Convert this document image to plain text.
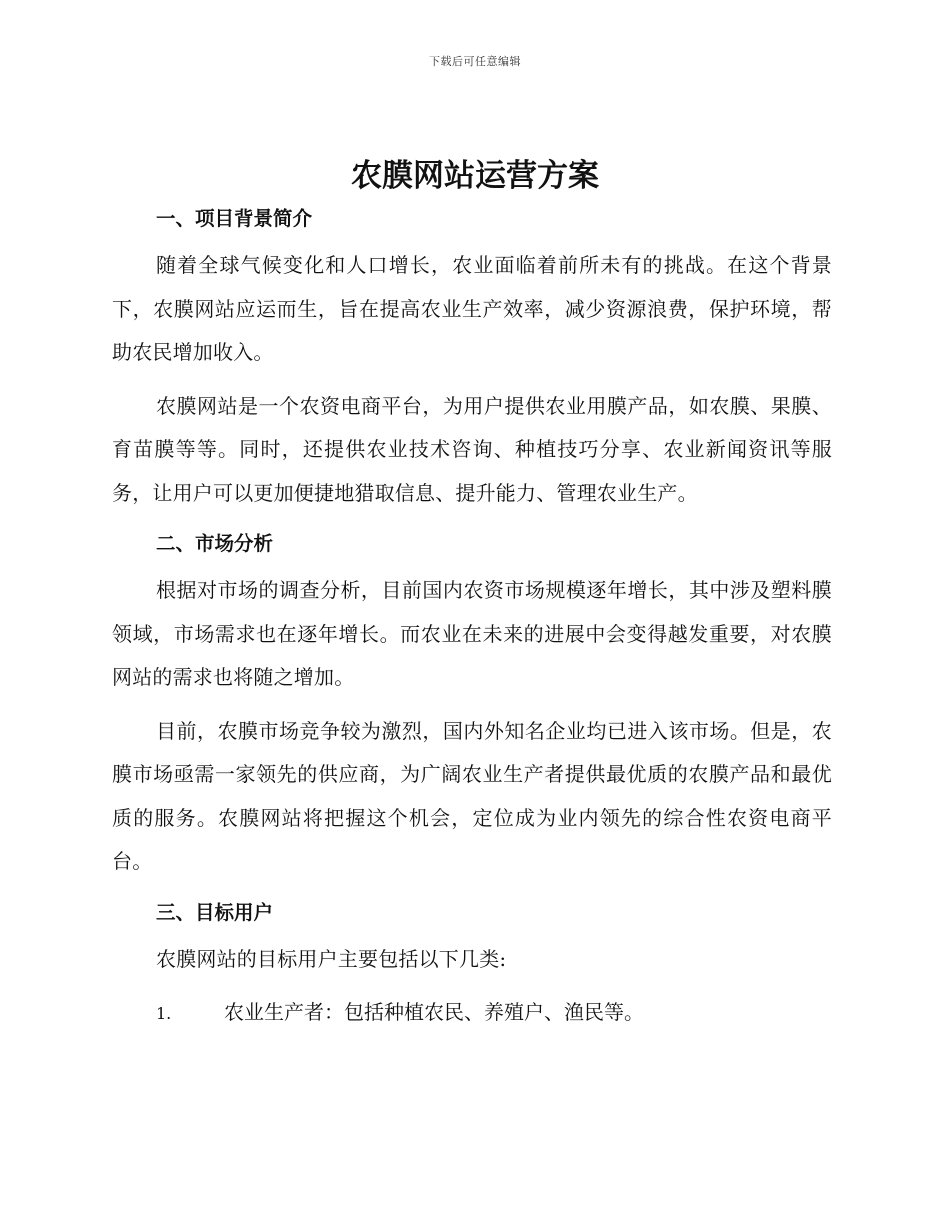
下载后可任意编辑
农膜网站运营方案
一、项目背景简介

随着全球气候变化和人口增长，农业面临着前所未有的挑战。在这个背景下，农膜网站应运而生，旨在提高农业生产效率，减少资源浪费，保护环境，帮助农民增加收入。

农膜网站是一个农资电商平台，为用户提供农业用膜产品，如农膜、果膜、育苗膜等等。同时，还提供农业技术咨询、种植技巧分享、农业新闻资讯等服务，让用户可以更加便捷地猎取信息、提升能力、管理农业生产。

二、市场分析

根据对市场的调查分析，目前国内农资市场规模逐年增长，其中涉及塑料膜领域，市场需求也在逐年增长。而农业在未来的进展中会变得越发重要，对农膜网站的需求也将随之增加。

目前，农膜市场竞争较为激烈，国内外知名企业均已进入该市场。但是，农膜市场亟需一家领先的供应商，为广阔农业生产者提供最优质的农膜产品和最优质的服务。农膜网站将把握这个机会，定位成为业内领先的综合性农资电商平台。

三、目标用户

农膜网站的目标用户主要包括以下几类:

1.	农业生产者：包括种植农民、养殖户、渔民等。
